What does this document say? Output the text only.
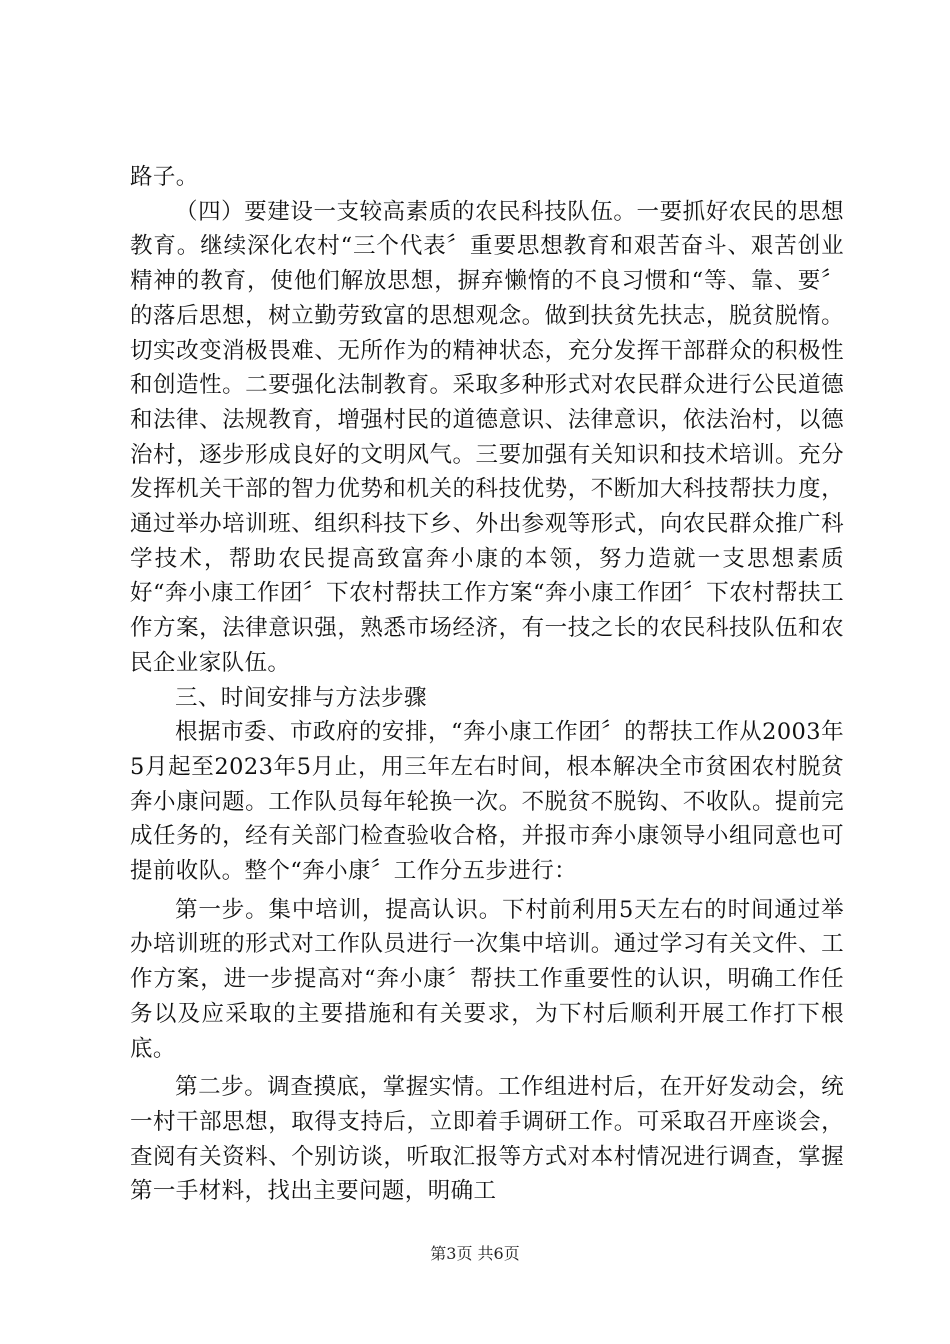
路子。

（四）要建设一支较高素质的农民科技队伍。一要抓好农民的思想教育。继续深化农村“三个代表〞重要思想教育和艰苦奋斗、艰苦创业精神的教育，使他们解放思想，摒弃懒惰的不良习惯和“等、靠、要〞的落后思想，树立勤劳致富的思想观念。做到扶贫先扶志，脱贫脱惰。切实改变消极畏难、无所作为的精神状态，充分发挥干部群众的积极性和创造性。二要强化法制教育。采取多种形式对农民群众进行公民道德和法律、法规教育，增强村民的道德意识、法律意识，依法治村，以德治村，逐步形成良好的文明风气。三要加强有关知识和技术培训。充分发挥机关干部的智力优势和机关的科技优势，不断加大科技帮扶力度，通过举办培训班、组织科技下乡、外出参观等形式，向农民群众推广科学技术，帮助农民提高致富奔小康的本领，努力造就一支思想素质好“奔小康工作团〞下农村帮扶工作方案“奔小康工作团〞下农村帮扶工作方案，法律意识强，熟悉市场经济，有一技之长的农民科技队伍和农民企业家队伍。

三、时间安排与方法步骤

根据市委、市政府的安排，“奔小康工作团〞的帮扶工作从2003年5月起至2023年5月止，用三年左右时间，根本解决全市贫困农村脱贫奔小康问题。工作队员每年轮换一次。不脱贫不脱钩、不收队。提前完成任务的，经有关部门检查验收合格，并报市奔小康领导小组同意也可提前收队。整个“奔小康〞工作分五步进行：

第一步。集中培训，提高认识。下村前利用5天左右的时间通过举办培训班的形式对工作队员进行一次集中培训。通过学习有关文件、工作方案，进一步提高对“奔小康〞帮扶工作重要性的认识，明确工作任务以及应采取的主要措施和有关要求，为下村后顺利开展工作打下根底。

第二步。调查摸底，掌握实情。工作组进村后，在开好发动会，统一村干部思想，取得支持后，立即着手调研工作。可采取召开座谈会，查阅有关资料、个别访谈，听取汇报等方式对本村情况进行调查，掌握第一手材料，找出主要问题，明确工

第3页 共6页
